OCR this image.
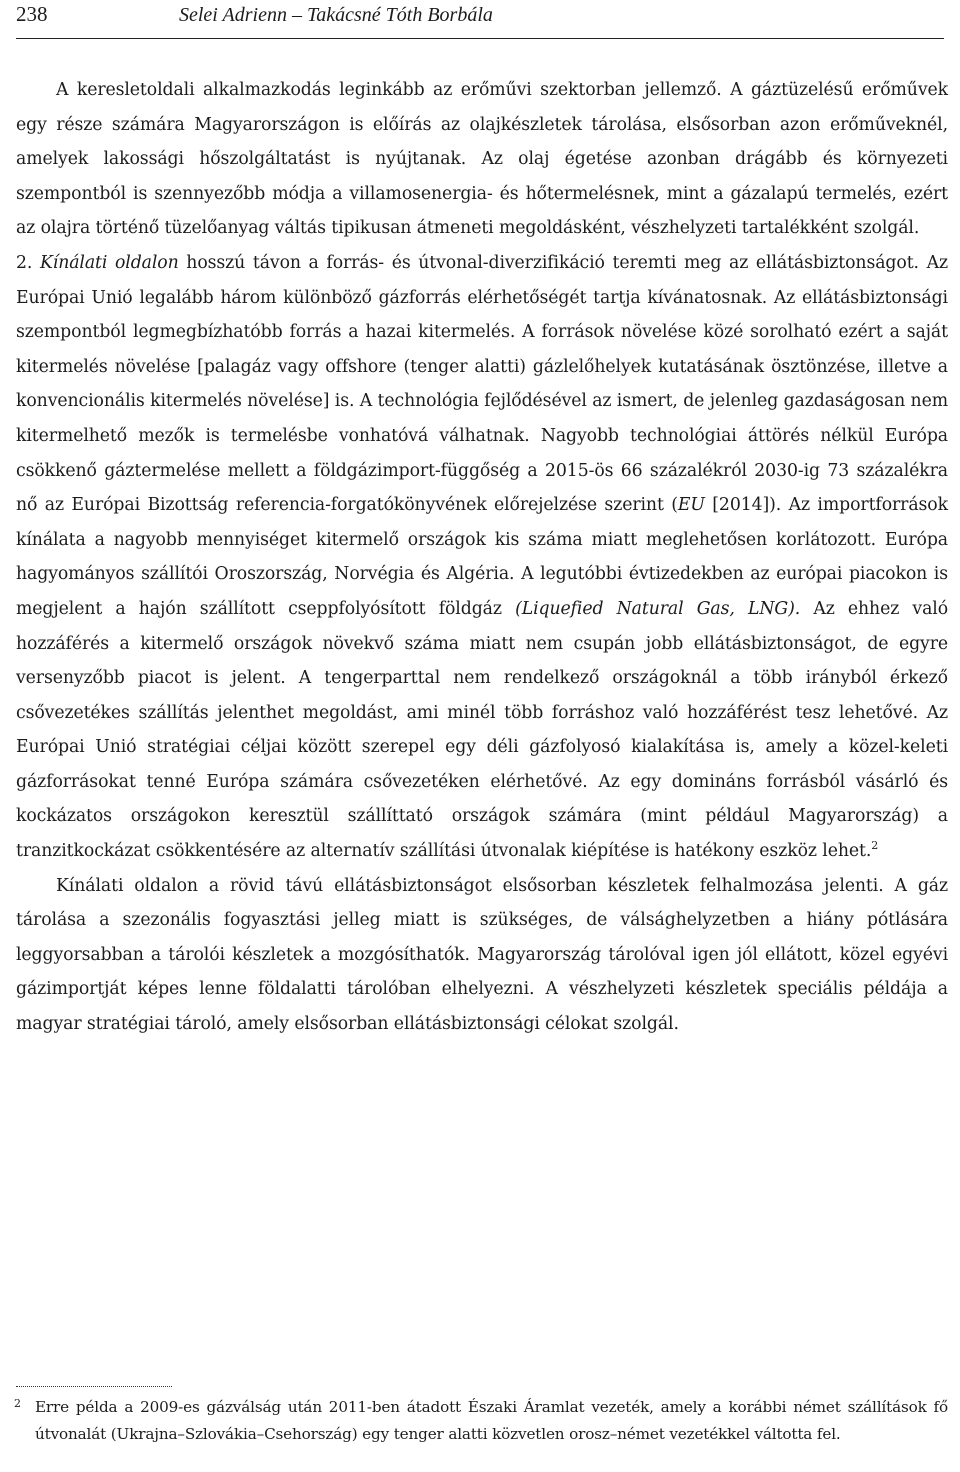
238	Selei Adrienn – Takácsné Tóth Borbála

A keresletoldali alkalmazkodás leginkább az erőművi szektorban jellemző. A gáztüzelésű erőművek egy része számára Magyarországon is előírás az olajkészletek tárolása, elsősorban azon erőműveknél, amelyek lakossági hőszolgáltatást is nyújtanak. Az olaj égetése azonban drágább és környezeti szempontból is szennyezőbb módja a villamosenergia- és hőtermelésnek, mint a gázalapú termelés, ezért az olajra történő tüzelőanyag váltás tipikusan átmeneti megoldásként, vészhelyzeti tartalékként szolgál.

2. Kínálati oldalon hosszú távon a forrás- és útvonal-diverzifikáció teremti meg az ellátásbiztonságot. Az Európai Unió legalább három különböző gázforrás elérhetőségét tartja kívánatosnak. Az ellátásbiztonsági szempontból legmegbízhatóbb forrás a hazai kitermelés. A források növelése közé sorolható ezért a saját kitermelés növelése [palagáz vagy offshore (tenger alatti) gázlelőhelyek kutatásának ösztönzése, illetve a konvencionális kitermelés növelése] is. A technológia fejlődésével az ismert, de jelenleg gazdaságosan nem kitermelhető mezők is termelésbe vonhatóvá válhatnak. Nagyobb technológiai áttörés nélkül Európa csökkenő gáztermelése mellett a földgázimport-függőség a 2015-ös 66 százalékról 2030-ig 73 százalékra nő az Európai Bizottság referencia-forgatókönyvének előrejelzése szerint (EU [2014]). Az importforrások kínálata a nagyobb mennyiséget kitermelő országok kis száma miatt meglehetősen korlátozott. Európa hagyományos szállítói Oroszország, Norvégia és Algéria. A legutóbbi évtizedekben az európai piacokon is megjelent a hajón szállított cseppfolyósított földgáz (Liquefied Natural Gas, LNG). Az ehhez való hozzáférés a kitermelő országok növekvő száma miatt nem csupán jobb ellátásbiztonságot, de egyre versenyzőbb piacot is jelent. A tengerparttal nem rendelkező országoknál a több irányból érkező csővezetékes szállítás jelenthet megoldást, ami minél több forráshoz való hozzáférést tesz lehetővé. Az Európai Unió stratégiai céljai között szerepel egy déli gázfolyosó kialakítása is, amely a közel-keleti gázforrásokat tenné Európa számára csővezetéken elérhetővé. Az egy domináns forrásból vásárló és kockázatos országokon keresztül szállíttató országok számára (mint például Magyarország) a tranzitkockázat csökkentésére az alternatív szállítási útvonalak kiépítése is hatékony eszköz lehet.$^2$

Kínálati oldalon a rövid távú ellátásbiztonságot elsősorban készletek felhalmozása jelenti. A gáz tárolása a szezonális fogyasztási jelleg miatt is szükséges, de válsághelyzetben a hiány pótlására leggyorsabban a tárolói készletek a mozgósíthatók. Magyarország tárolóval igen jól ellátott, közel egyévi gázimportját képes lenne földalatti tárolóban elhelyezni. A vészhelyzeti készletek speciális példája a magyar stratégiai tároló, amely elsősorban ellátásbiztonsági célokat szolgál.

2 Erre példa a 2009-es gázválság után 2011-ben átadott Északi Áramlat vezeték, amely a korábbi német szállítások fő útvonalát (Ukrajna–Szlovákia–Csehország) egy tenger alatti közvetlen orosz–német vezetékkel váltotta fel.
